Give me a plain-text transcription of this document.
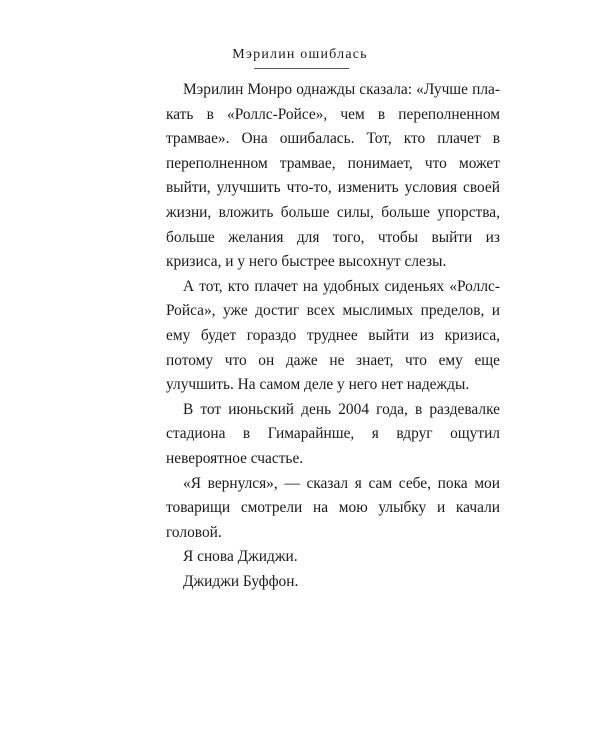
Мэрилин ошиблась

Мэрилин Монро однажды сказала: «Лучше плакать в «Роллс-Ройсе», чем в переполненном трамвае». Она ошибалась. Тот, кто плачет в переполненном трамвае, понимает, что может выйти, улучшить что-то, изменить условия своей жизни, вложить больше силы, больше упорства, больше желания для того, чтобы выйти из кризиса, и у него быстрее высохнут слезы.

А тот, кто плачет на удобных сиденьях «Роллс-Ройса», уже достиг всех мыслимых пределов, и ему будет гораздо труднее выйти из кризиса, потому что он даже не знает, что ему еще улучшить. На самом деле у него нет надежды.

В тот июньский день 2004 года, в раздевалке стадиона в Гимарайнше, я вдруг ощутил невероятное счастье.

«Я вернулся», — сказал я сам себе, пока мои товарищи смотрели на мою улыбку и качали головой.

Я снова Джиджи.

Джиджи Буффон.
